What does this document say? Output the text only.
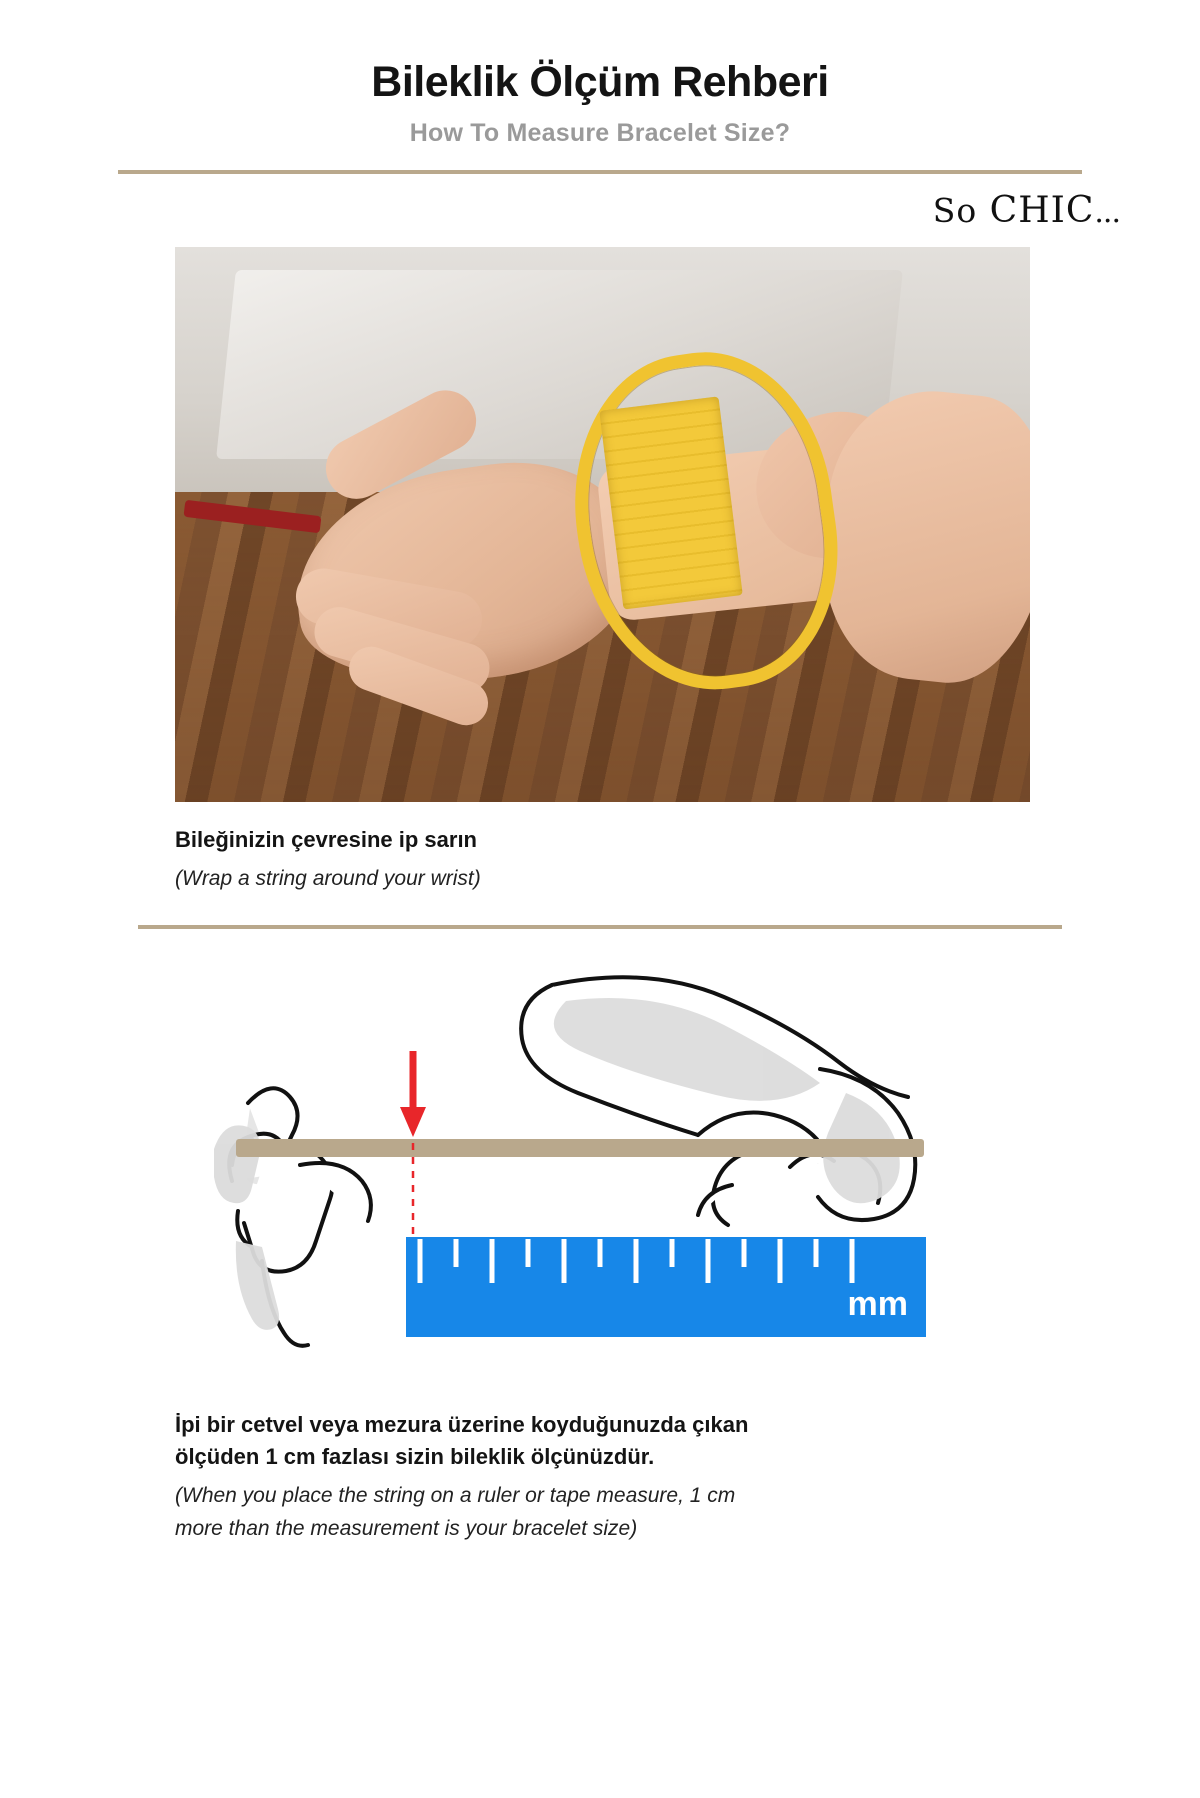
Bileklik Ölçüm Rehberi
How To Measure Bracelet Size?
So CHIC...

Bileğinizin çevresine ip sarın

(Wrap a string around your wrist)

mm

İpi bir cetvel veya mezura üzerine koyduğunuzda çıkan

ölçüden 1 cm fazlası sizin bileklik ölçünüzdür.

(When you place the string on a ruler or tape measure, 1 cm

more than the measurement is your bracelet size)
